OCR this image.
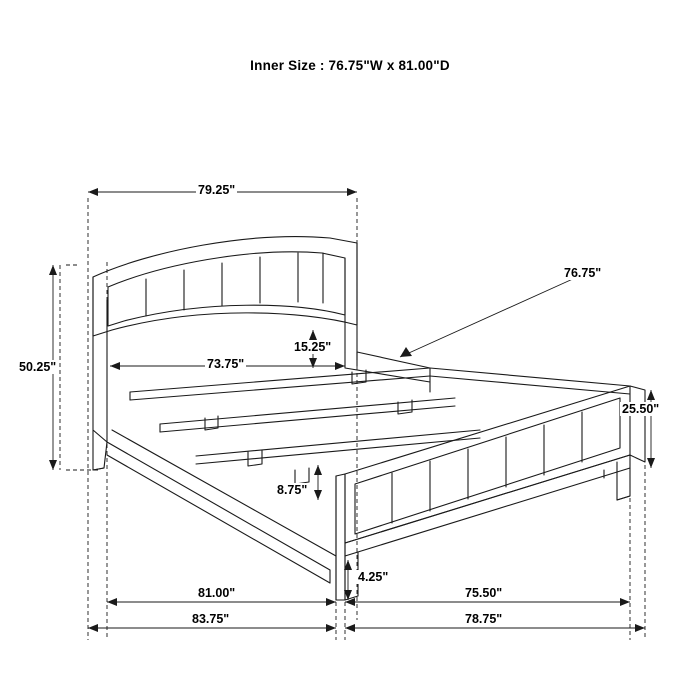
Inner Size : 76.75"W x 81.00"D
79.25"
50.25"	73.75"
15.25"
76.75"
25.50"
8.75"
4.25"
81.00"	75.50"
83.75"	78.75"
